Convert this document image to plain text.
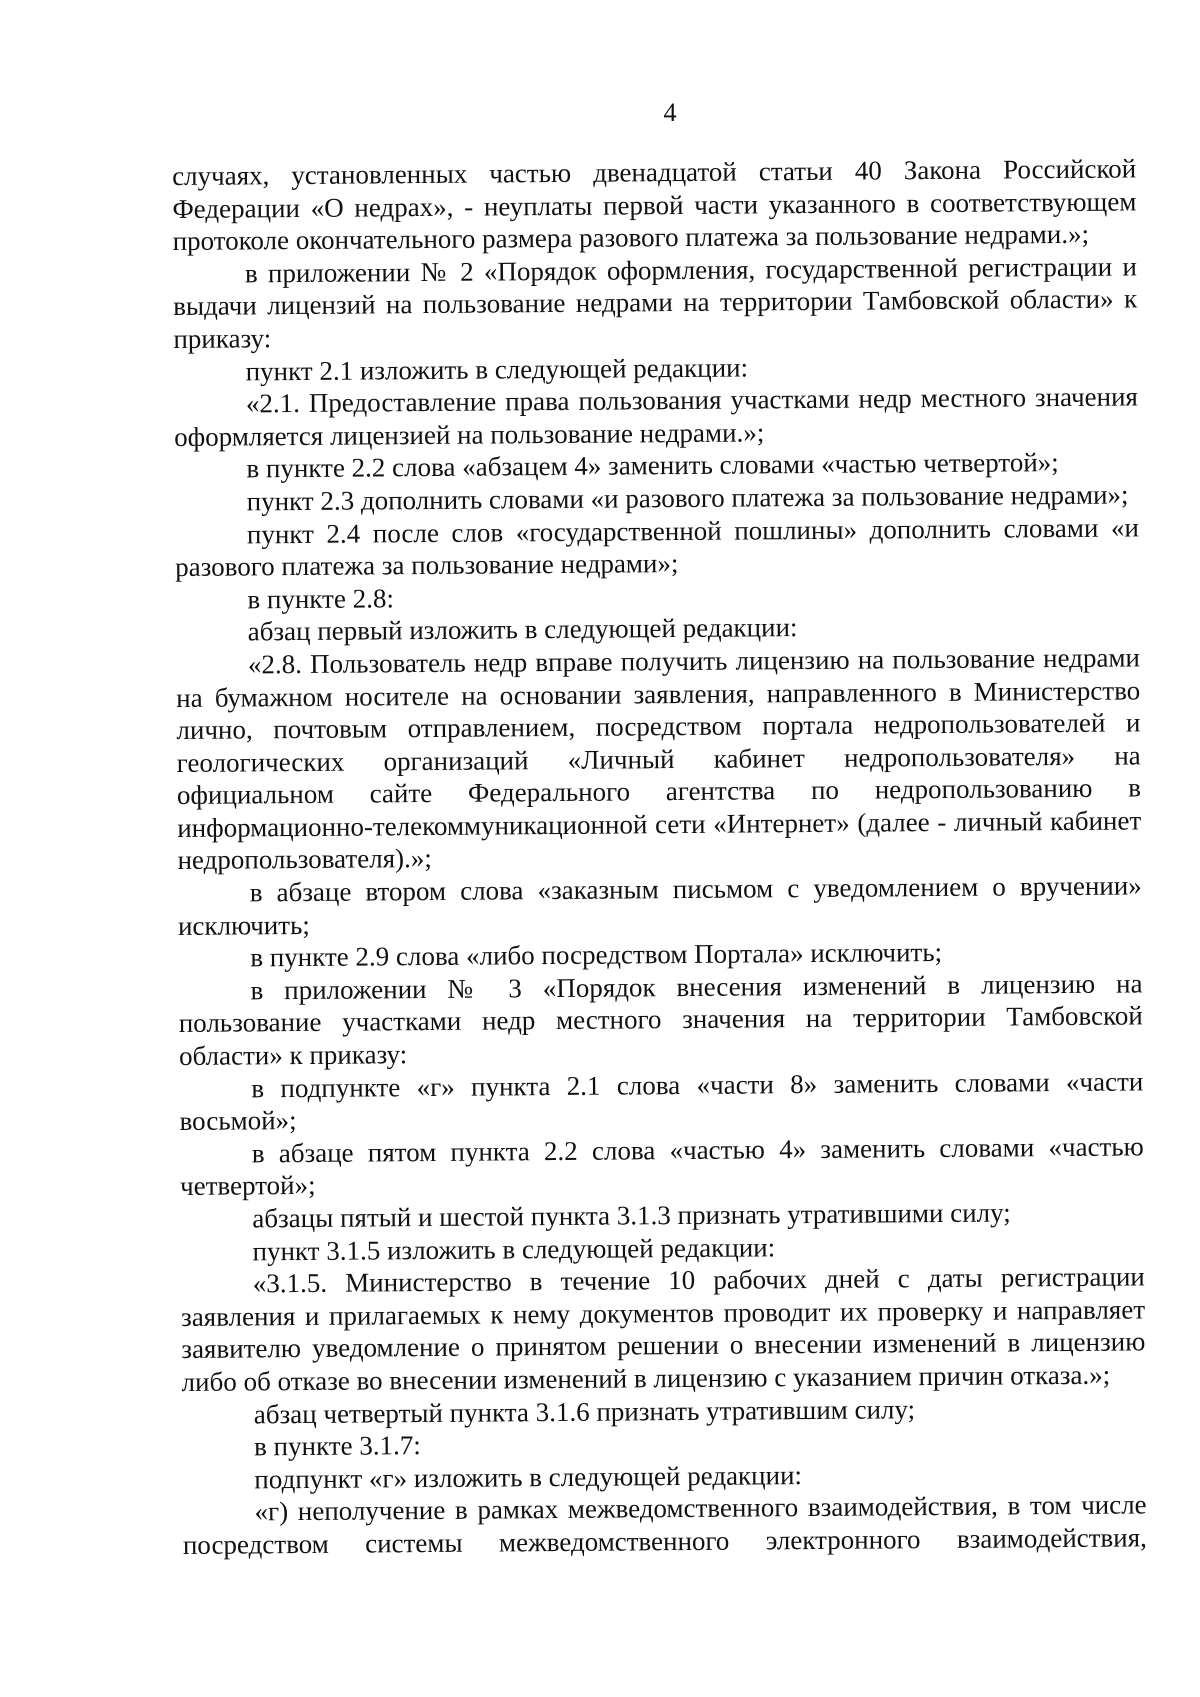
4

случаях, установленных частью двенадцатой статьи 40 Закона Российской Федерации «О недрах», - неуплаты первой части указанного в соответствующем протоколе окончательного размера разового платежа за пользование недрами.»;

в приложении № 2 «Порядок оформления, государственной регистрации и выдачи лицензий на пользование недрами на территории Тамбовской области» к приказу:

пункт 2.1 изложить в следующей редакции:

«2.1. Предоставление права пользования участками недр местного значения оформляется лицензией на пользование недрами.»;

в пункте 2.2 слова «абзацем 4» заменить словами «частью четвертой»;

пункт 2.3 дополнить словами «и разового платежа за пользование недрами»;

пункт 2.4 после слов «государственной пошлины» дополнить словами «и разового платежа за пользование недрами»;

в пункте 2.8:

абзац первый изложить в следующей редакции:

«2.8. Пользователь недр вправе получить лицензию на пользование недрами на бумажном носителе на основании заявления, направленного в Министерство лично, почтовым отправлением, посредством портала недропользователей и геологических организаций «Личный кабинет недропользователя» на официальном сайте Федерального агентства по недропользованию в информационно-телекоммуникационной сети «Интернет» (далее - личный кабинет недропользователя).»;

в абзаце втором слова «заказным письмом с уведомлением о вручении» исключить;

в пункте 2.9 слова «либо посредством Портала» исключить;

в приложении № 3 «Порядок внесения изменений в лицензию на пользование участками недр местного значения на территории Тамбовской области» к приказу:

в подпункте «г» пункта 2.1 слова «части 8» заменить словами «части восьмой»;

в абзаце пятом пункта 2.2 слова «частью 4» заменить словами «частью четвертой»;

абзацы пятый и шестой пункта 3.1.3 признать утратившими силу;

пункт 3.1.5 изложить в следующей редакции:

«3.1.5. Министерство в течение 10 рабочих дней с даты регистрации заявления и прилагаемых к нему документов проводит их проверку и направляет заявителю уведомление о принятом решении о внесении изменений в лицензию либо об отказе во внесении изменений в лицензию с указанием причин отказа.»;

абзац четвертый пункта 3.1.6 признать утратившим силу;

в пункте 3.1.7:

подпункт «г» изложить в следующей редакции:

«г) неполучение в рамках межведомственного взаимодействия, в том числе посредством системы межведомственного электронного взаимодействия,
